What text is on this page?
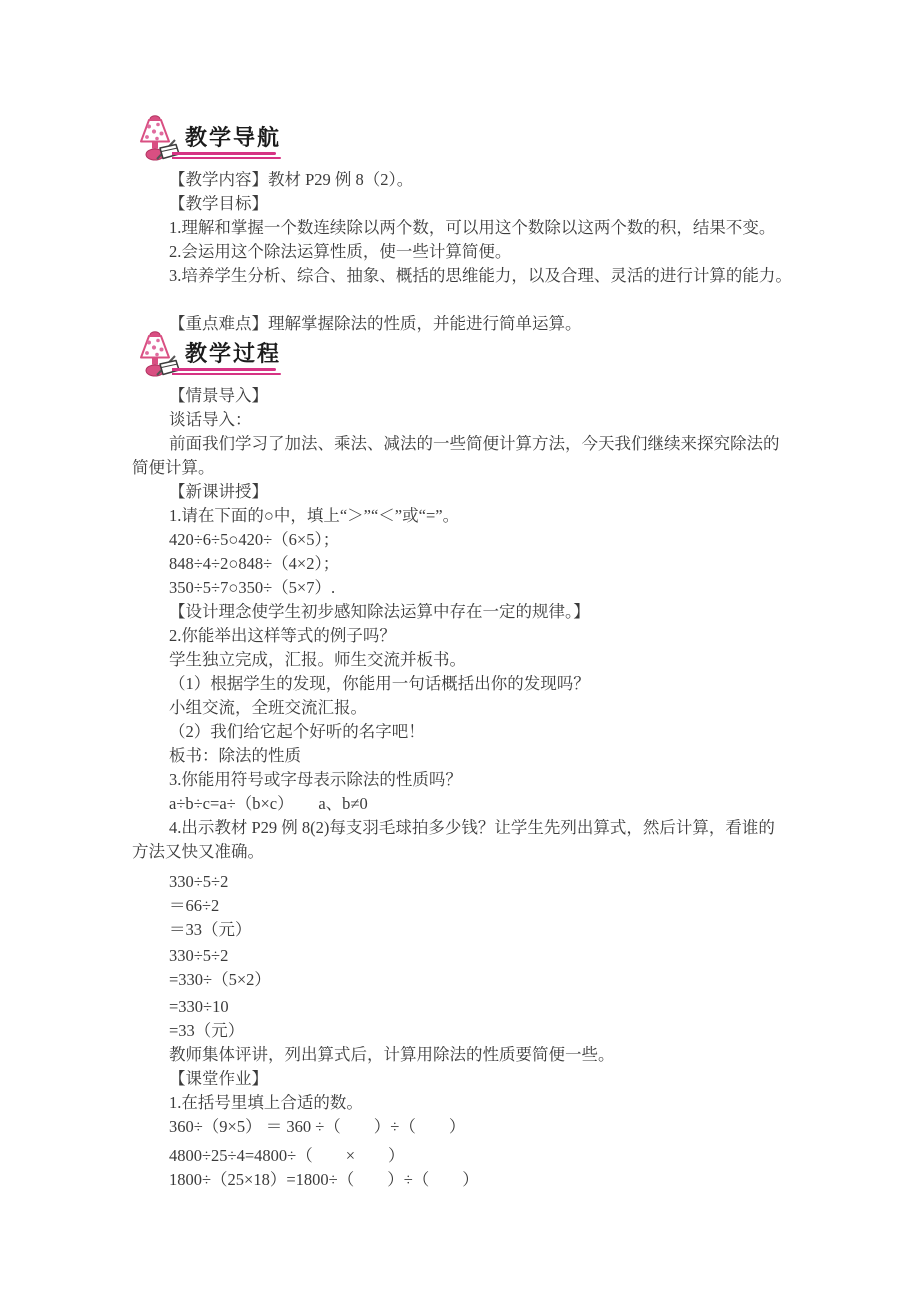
教学导航

【教学内容】教材 P29 例 8（2）。

【教学目标】

1.理解和掌握一个数连续除以两个数，可以用这个数除以这两个数的积，结果不变。

2.会运用这个除法运算性质，使一些计算简便。

3.培养学生分析、综合、抽象、概括的思维能力，以及合理、灵活的进行计算的能力。

【重点难点】理解掌握除法的性质，并能进行简单运算。

教学过程

【情景导入】

谈话导入：

前面我们学习了加法、乘法、减法的一些简便计算方法，今天我们继续来探究除法的

简便计算。

【新课讲授】

1.请在下面的○中，填上“＞”“＜”或“=”。

420÷6÷5○420÷（6×5）；

848÷4÷2○848÷（4×2）；

350÷5÷7○350÷（5×7）.

【设计理念使学生初步感知除法运算中存在一定的规律。】

2.你能举出这样等式的例子吗？

学生独立完成，汇报。师生交流并板书。

（1）根据学生的发现，你能用一句话概括出你的发现吗？

小组交流，全班交流汇报。

（2）我们给它起个好听的名字吧！

板书：除法的性质

3.你能用符号或字母表示除法的性质吗？

a÷b÷c=a÷（b×c）　　a、b≠0

4.出示教材 P29 例 8(2)每支羽毛球拍多少钱？让学生先列出算式，然后计算，看谁的

方法又快又准确。

330÷5÷2

＝66÷2

＝33（元）

330÷5÷2

=330÷（5×2）

=330÷10

=33（元）

教师集体评讲，列出算式后，计算用除法的性质要简便一些。

【课堂作业】

1.在括号里填上合适的数。

360÷（9×5） ＝ 360 ÷（　　）÷（　　）

4800÷25÷4=4800÷（　　×　　）

1800÷（25×18）=1800÷（　　）÷（　　）
